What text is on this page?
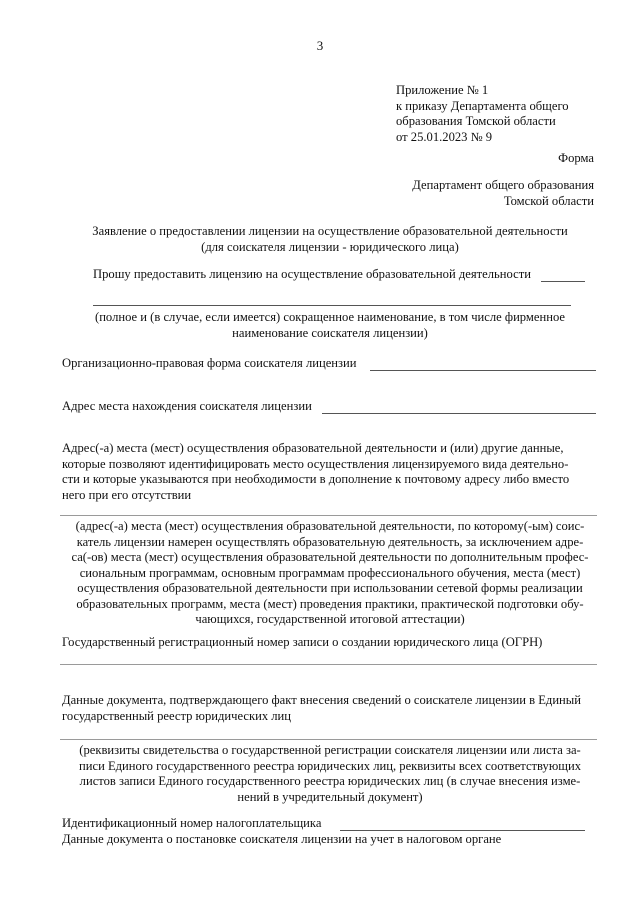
3
Приложение № 1
к приказу Департамента общего
образования Томской области
от 25.01.2023 № 9
Форма
Департамент общего образования
Томской области
Заявление о предоставлении лицензии на осуществление образовательной деятельности
(для соискателя лицензии - юридического лица)
Прошу предоставить лицензию на осуществление образовательной деятельности
(полное и (в случае, если имеется) сокращенное наименование, в том числе фирменное
наименование соискателя лицензии)
Организационно-правовая форма соискателя лицензии
Адрес места нахождения соискателя лицензии
Адрес(-а) места (мест) осуществления образовательной деятельности и (или) другие данные,
которые позволяют идентифицировать место осуществления лицензируемого вида деятельно-
сти и которые указываются при необходимости в дополнение к почтовому адресу либо вместо
него при его отсутствии
(адрес(-а) места (мест) осуществления образовательной деятельности, по которому(-ым) соис-
катель лицензии намерен осуществлять образовательную деятельность, за исключением адре-
са(-ов) места (мест) осуществления образовательной деятельности по дополнительным профес-
сиональным программам, основным программам профессионального обучения, места (мест)
осуществления образовательной деятельности при использовании сетевой формы реализации
образовательных программ, места (мест) проведения практики, практической подготовки обу-
чающихся, государственной итоговой аттестации)
Государственный регистрационный номер записи о создании юридического лица (ОГРН)
Данные документа, подтверждающего факт внесения сведений о соискателе лицензии в Единый
государственный реестр юридических лиц
(реквизиты свидетельства о государственной регистрации соискателя лицензии или листа за-
писи Единого государственного реестра юридических лиц, реквизиты всех соответствующих
листов записи Единого государственного реестра юридических лиц (в случае внесения изме-
нений в учредительный документ)
Идентификационный номер налогоплательщика
Данные документа о постановке соискателя лицензии на учет в налоговом органе
